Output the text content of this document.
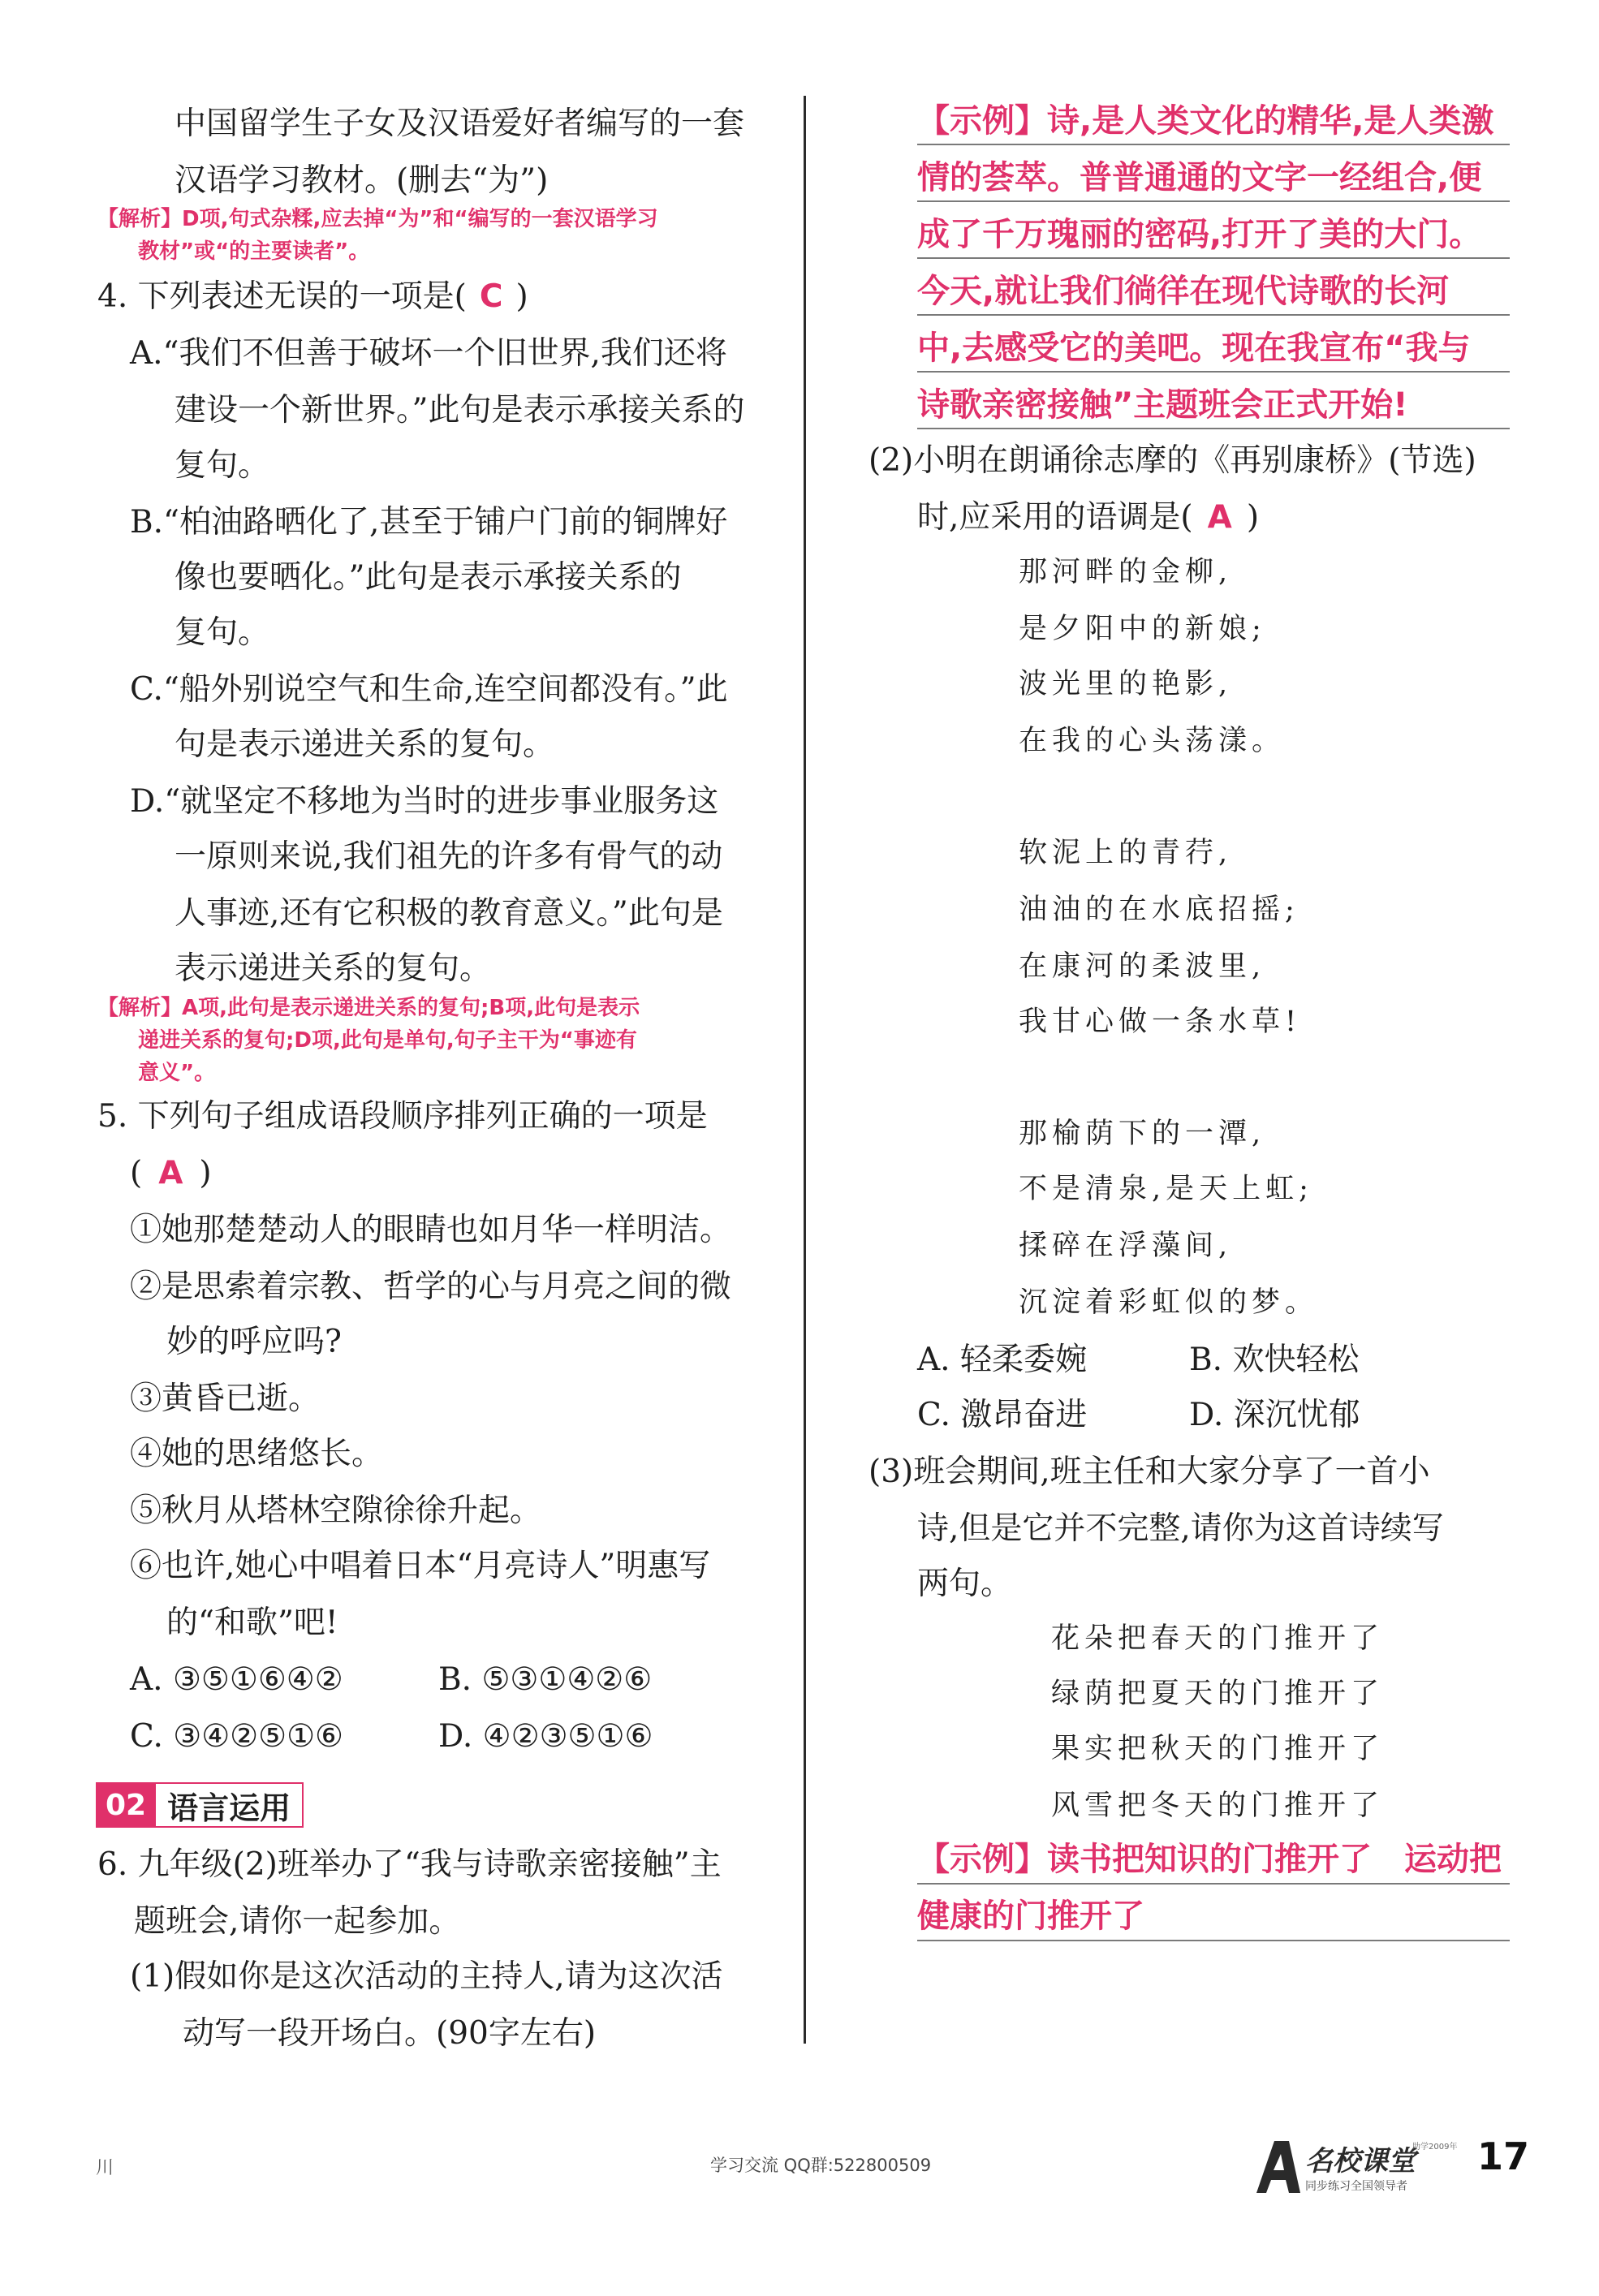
中国留学生子女及汉语爱好者编写的一套
汉语学习教材。(删去“为”)
【解析】D项,句式杂糅,应去掉“为”和“编写的一套汉语学习
教材”或“的主要读者”。
4. 下列表述无误的一项是( C )
A.“我们不但善于破坏一个旧世界,我们还将
建设一个新世界。”此句是表示承接关系的
复句。
B.“柏油路晒化了,甚至于铺户门前的铜牌好
像也要晒化。”此句是表示承接关系的
复句。
C.“船外别说空气和生命,连空间都没有。”此
句是表示递进关系的复句。
D.“就坚定不移地为当时的进步事业服务这
一原则来说,我们祖先的许多有骨气的动
人事迹,还有它积极的教育意义。”此句是
表示递进关系的复句。
【解析】A项,此句是表示递进关系的复句;B项,此句是表示
递进关系的复句;D项,此句是单句,句子主干为“事迹有
意义”。
5. 下列句子组成语段顺序排列正确的一项是
( A )
①她那楚楚动人的眼睛也如月华一样明洁。
②是思索着宗教、哲学的心与月亮之间的微
妙的呼应吗?
③黄昏已逝。
④她的思绪悠长。
⑤秋月从塔林空隙徐徐升起。
⑥也许,她心中唱着日本“月亮诗人”明惠写
的“和歌”吧!
A. ③⑤①⑥④②	B. ⑤③①④②⑥
C. ③④②⑤①⑥	D. ④②③⑤①⑥
02 语言运用
6. 九年级(2)班举办了“我与诗歌亲密接触”主
题班会,请你一起参加。
(1)假如你是这次活动的主持人,请为这次活
动写一段开场白。(90字左右)
【示例】诗,是人类文化的精华,是人类激
情的荟萃。普普通通的文字一经组合,便
成了千万瑰丽的密码,打开了美的大门。
今天,就让我们徜徉在现代诗歌的长河
中,去感受它的美吧。现在我宣布“我与
诗歌亲密接触”主题班会正式开始!
(2)小明在朗诵徐志摩的《再别康桥》(节选)
时,应采用的语调是( A )
那河畔的金柳,
是夕阳中的新娘;
波光里的艳影,
在我的心头荡漾。
软泥上的青荇,
油油的在水底招摇;
在康河的柔波里,
我甘心做一条水草!
那榆荫下的一潭,
不是清泉,是天上虹;
揉碎在浮藻间,
沉淀着彩虹似的梦。
A. 轻柔委婉	B. 欢快轻松
C. 激昂奋进	D. 深沉忧郁
(3)班会期间,班主任和大家分享了一首小
诗,但是它并不完整,请你为这首诗续写
两句。
花朵把春天的门推开了
绿荫把夏天的门推开了
果实把秋天的门推开了
风雪把冬天的门推开了
【示例】读书把知识的门推开了　运动把
健康的门推开了
川	学习交流 QQ群:522800509	名校课堂
助学2009年
同步练习全国领导者
17
